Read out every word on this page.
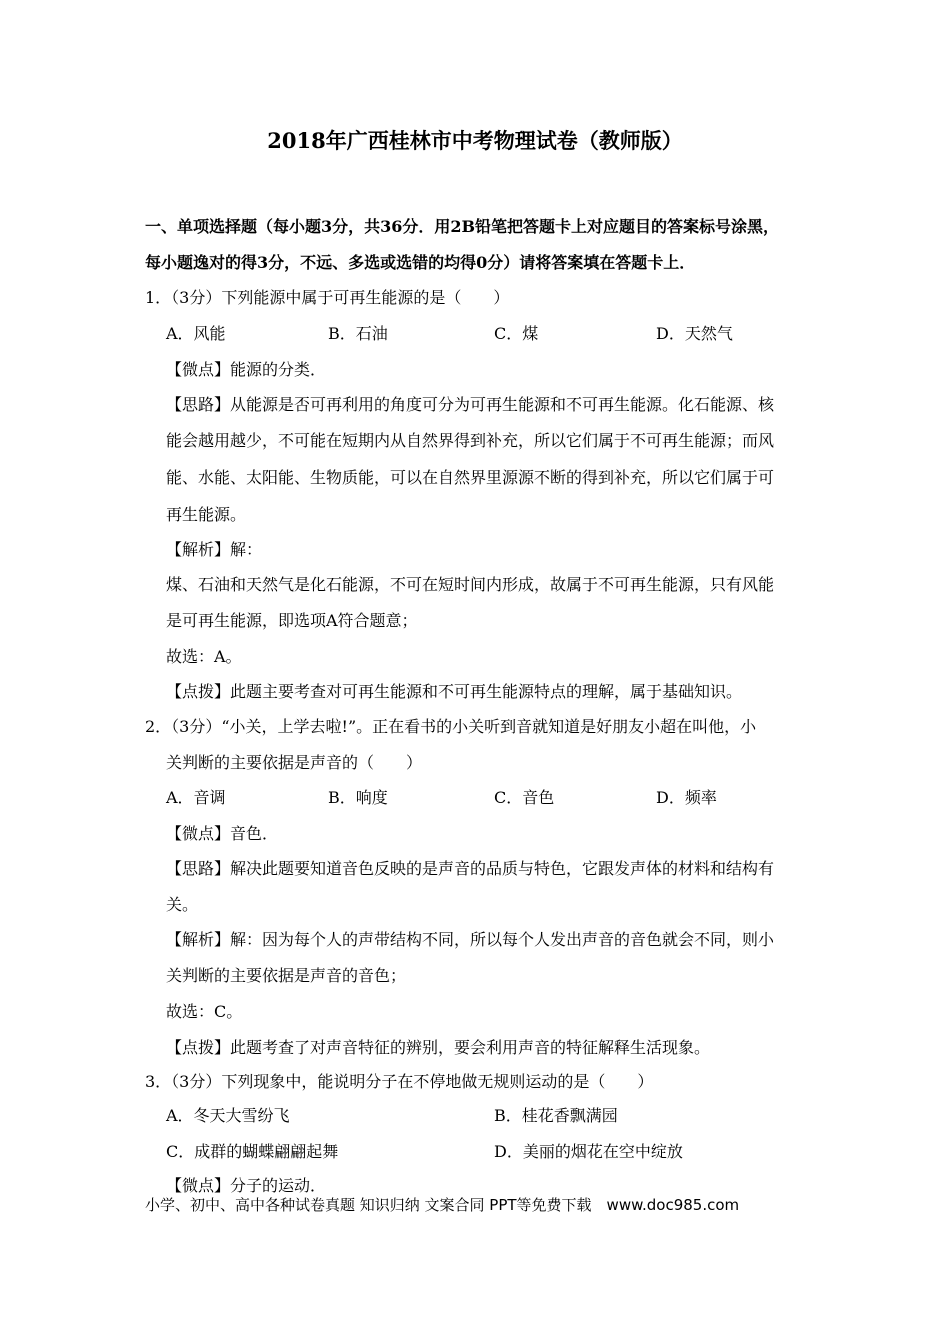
2018年广西桂林市中考物理试卷（教师版）
一、单项选择题（每小题3分，共36分．用2B铅笔把答题卡上对应题目的答案标号涂黑，
每小题逸对的得3分，不远、多选或选错的均得0分）请将答案填在答题卡上．
1．（3分）下列能源中属于可再生能源的是（　　）
A．风能	B．石油	C．煤	D．天然气
【微点】能源的分类．
【思路】从能源是否可再利用的角度可分为可再生能源和不可再生能源。化石能源、核
能会越用越少，不可能在短期内从自然界得到补充，所以它们属于不可再生能源；而风
能、水能、太阳能、生物质能，可以在自然界里源源不断的得到补充，所以它们属于可
再生能源。
【解析】解：
煤、石油和天然气是化石能源，不可在短时间内形成，故属于不可再生能源，只有风能
是可再生能源，即选项A符合题意；
故选：A。
【点拨】此题主要考查对可再生能源和不可再生能源特点的理解，属于基础知识。
2．（3分）“小关，上学去啦!”。正在看书的小关听到音就知道是好朋友小超在叫他，小
关判断的主要依据是声音的（　　）
A．音调	B．响度	C．音色	D．频率
【微点】音色．
【思路】解决此题要知道音色反映的是声音的品质与特色，它跟发声体的材料和结构有
关。
【解析】解：因为每个人的声带结构不同，所以每个人发出声音的音色就会不同，则小
关判断的主要依据是声音的音色；
故选：C。
【点拨】此题考查了对声音特征的辨别，要会利用声音的特征解释生活现象。
3．（3分）下列现象中，能说明分子在不停地做无规则运动的是（　　）
A．冬天大雪纷飞	B．桂花香飘满园
C．成群的蝴蝶翩翩起舞	D．美丽的烟花在空中绽放
【微点】分子的运动．
小学、初中、高中各种试卷真题 知识归纳 文案合同 PPT等免费下载　www.doc985.com
